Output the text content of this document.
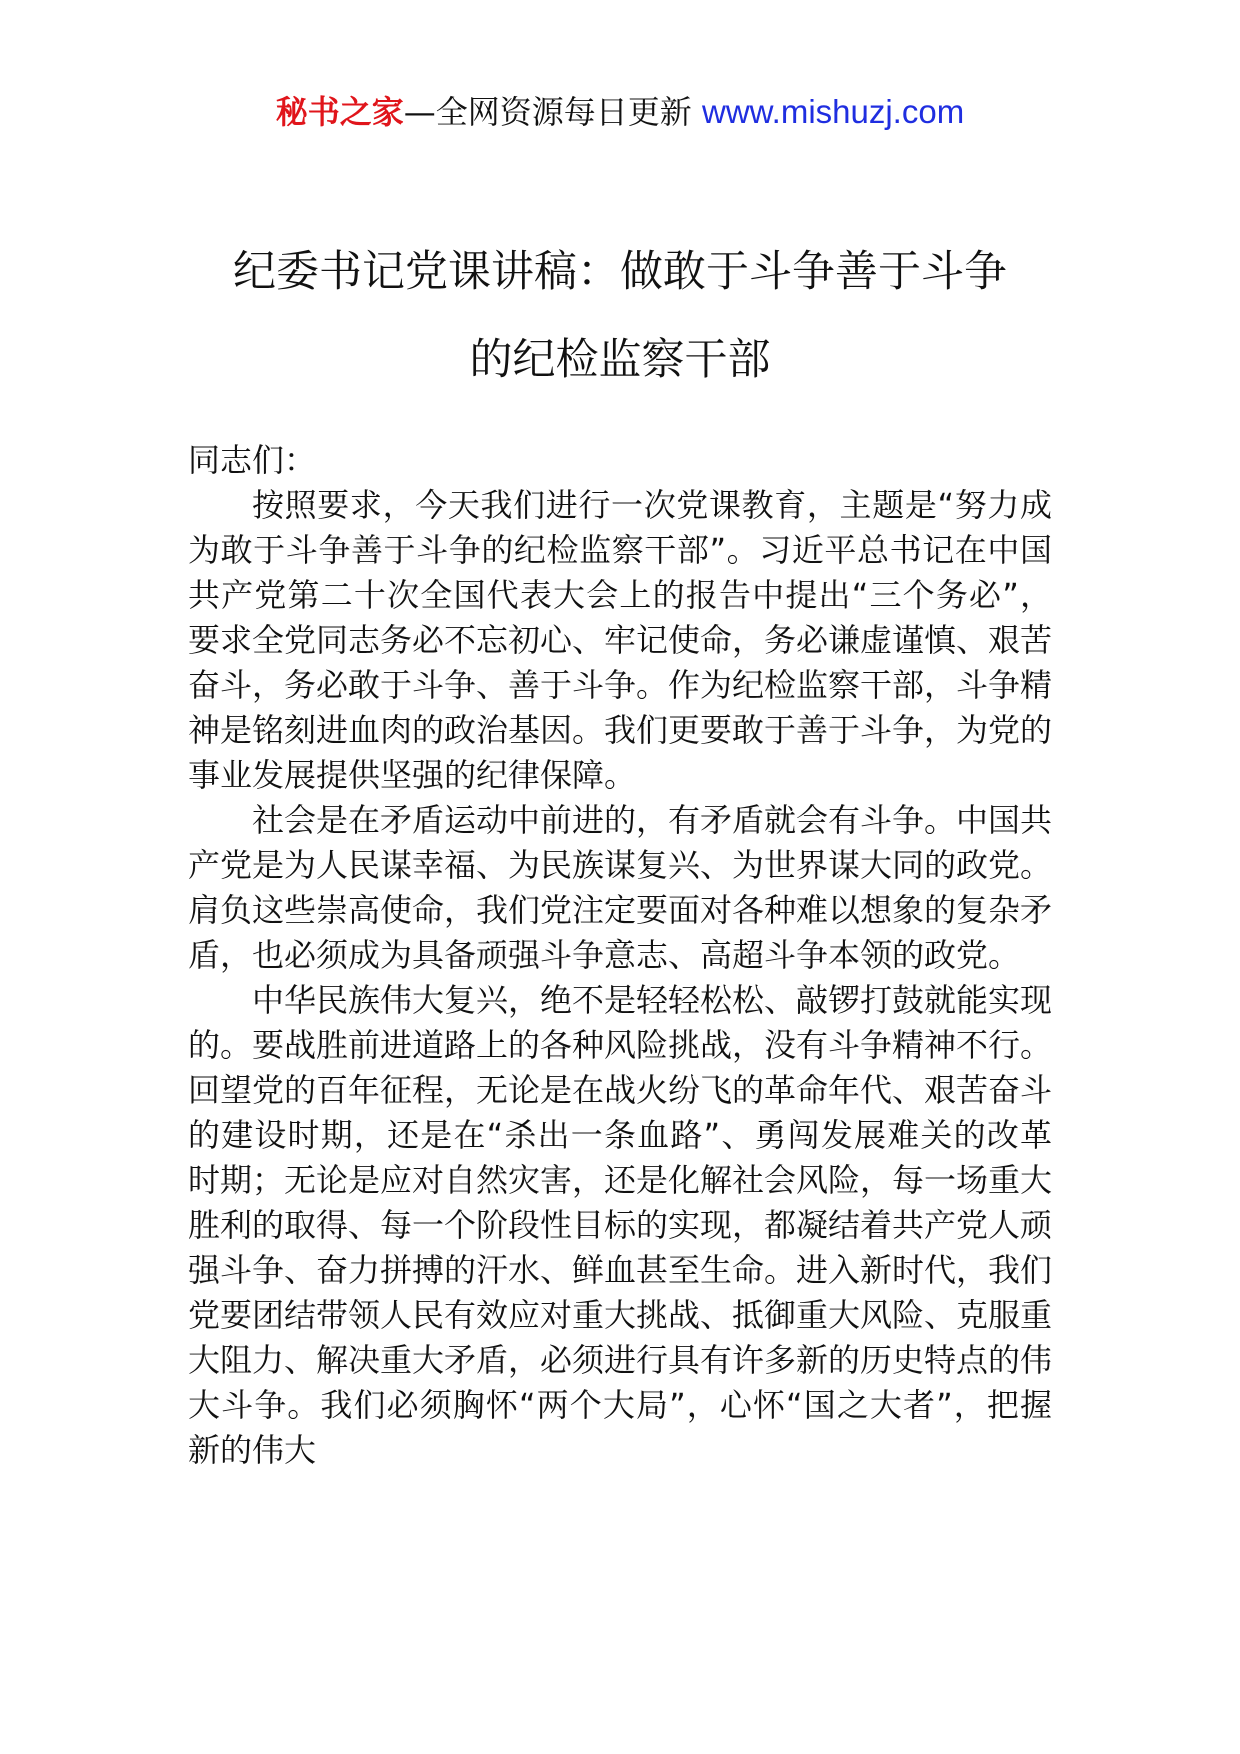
秘书之家—全网资源每日更新 www.mishuzj.com
纪委书记党课讲稿：做敢于斗争善于斗争
的纪检监察干部

同志们：

按照要求，今天我们进行一次党课教育，主题是“努力成为敢于斗争善于斗争的纪检监察干部”。习近平总书记在中国共产党第二十次全国代表大会上的报告中提出“三个务必”，要求全党同志务必不忘初心、牢记使命，务必谦虚谨慎、艰苦奋斗，务必敢于斗争、善于斗争。作为纪检监察干部，斗争精神是铭刻进血肉的政治基因。我们更要敢于善于斗争，为党的事业发展提供坚强的纪律保障。

社会是在矛盾运动中前进的，有矛盾就会有斗争。中国共产党是为人民谋幸福、为民族谋复兴、为世界谋大同的政党。肩负这些崇高使命，我们党注定要面对各种难以想象的复杂矛盾，也必须成为具备顽强斗争意志、高超斗争本领的政党。

中华民族伟大复兴，绝不是轻轻松松、敲锣打鼓就能实现的。要战胜前进道路上的各种风险挑战，没有斗争精神不行。回望党的百年征程，无论是在战火纷飞的革命年代、艰苦奋斗的建设时期，还是在“杀出一条血路”、勇闯发展难关的改革时期；无论是应对自然灾害，还是化解社会风险，每一场重大胜利的取得、每一个阶段性目标的实现，都凝结着共产党人顽强斗争、奋力拼搏的汗水、鲜血甚至生命。进入新时代，我们党要团结带领人民有效应对重大挑战、抵御重大风险、克服重大阻力、解决重大矛盾，必须进行具有许多新的历史特点的伟大斗争。我们必须胸怀“两个大局”，心怀“国之大者”，把握新的伟大
